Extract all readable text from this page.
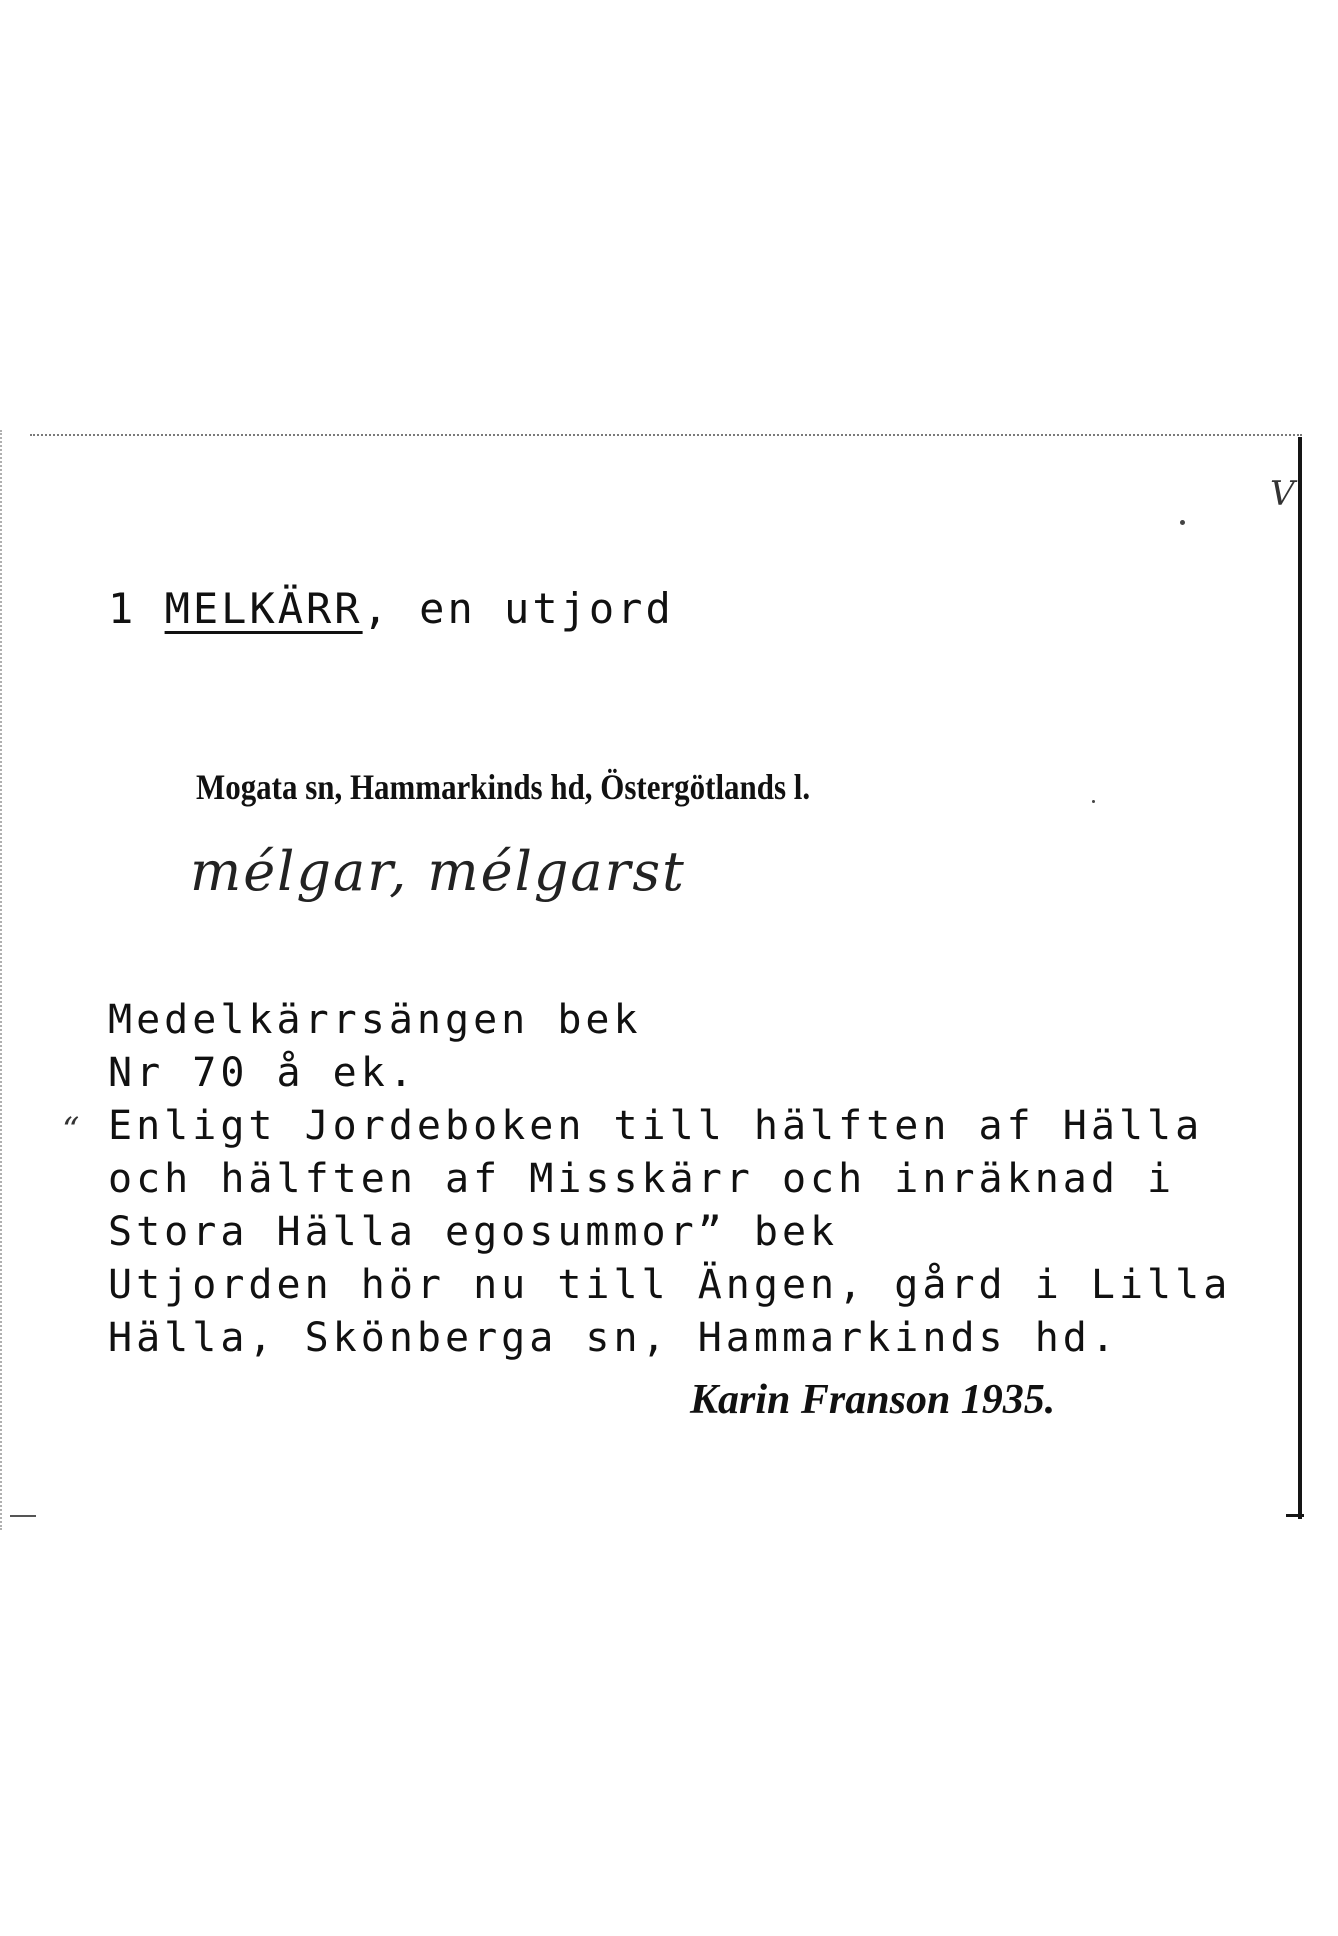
V
1 MELKÄRR, en utjord
Mogata sn, Hammarkinds hd, Östergötlands l.
mélgar, mélgarst
“
Medelkärrsängen bek
Nr 70 å ek.
Enligt Jordeboken till hälften af Hälla
och hälften af Misskärr och inräknad i
Stora Hälla egosummor” bek
Utjorden hör nu till Ängen, gård i Lilla
Hälla, Skönberga sn, Hammarkinds hd.
Karin Franson 1935.
